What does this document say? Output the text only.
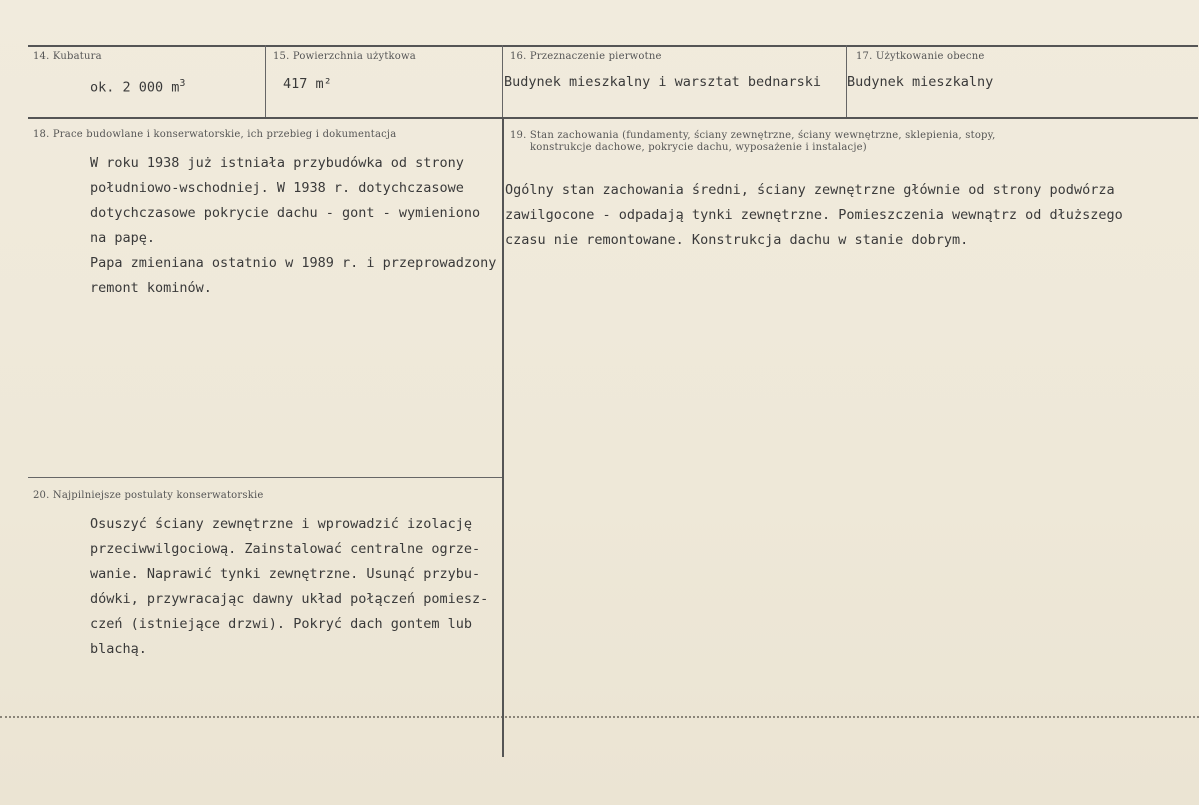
14. Kubatura
ok. 2 000 $m^3$
15. Powierzchnia użytkowa
417 m²
16. Przeznaczenie pierwotne
Budynek mieszkalny i warsztat bednarski
17. Użytkowanie obecne
Budynek mieszkalny
18. Prace budowlane i konserwatorskie, ich przebieg i dokumentacja
W roku 1938 już istniała przybudówka od strony
południowo-wschodniej. W 1938 r. dotychczasowe
dotychczasowe pokrycie dachu - gont - wymieniono
na papę.
Papa zmieniana ostatnio w 1989 r. i przeprowadzony
remont kominów.
19. Stan zachowania (fundamenty, ściany zewnętrzne, ściany wewnętrzne, sklepienia, stopy,
konstrukcje dachowe, pokrycie dachu, wyposażenie i instalacje)
Ogólny stan zachowania średni, ściany zewnętrzne głównie od strony podwórza
zawilgocone - odpadają tynki zewnętrzne. Pomieszczenia wewnątrz od dłuższego
czasu nie remontowane. Konstrukcja dachu w stanie dobrym.
20. Najpilniejsze postulaty konserwatorskie
Osuszyć ściany zewnętrzne i wprowadzić izolację
przeciwwilgociową. Zainstalować centralne ogrze-
wanie. Naprawić tynki zewnętrzne. Usunąć przybu-
dówki, przywracając dawny układ połączeń pomiesz-
czeń (istniejące drzwi). Pokryć dach gontem lub
blachą.
